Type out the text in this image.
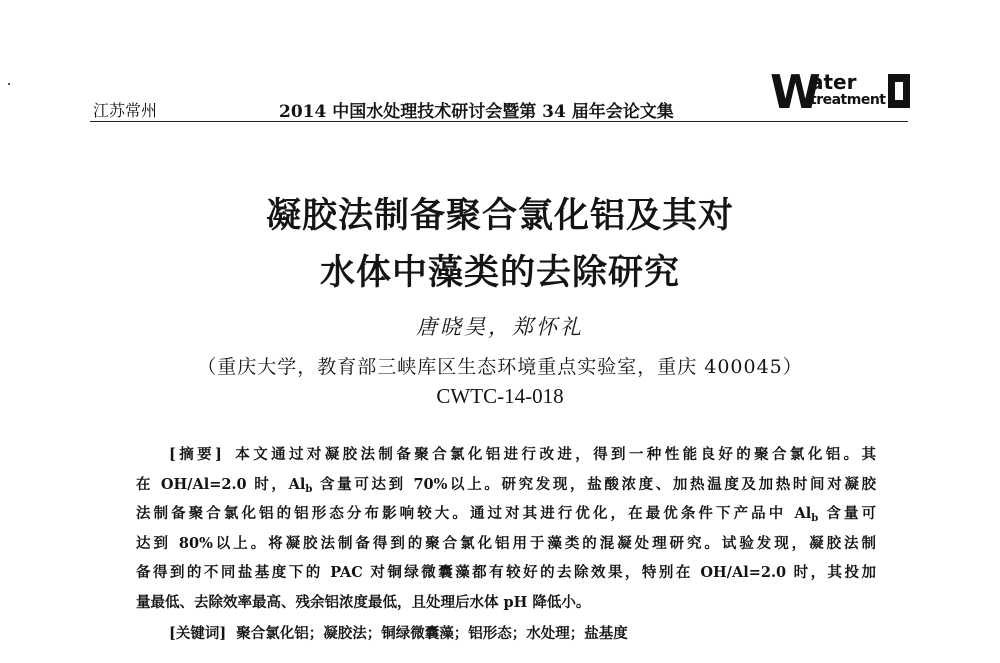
江苏常州	2014 中国水处理技术研讨会暨第 34 届年会论文集 W
ater
treatment
凝胶法制备聚合氯化铝及其对
水体中藻类的去除研究
唐晓昊，郑怀礼
（重庆大学，教育部三峡库区生态环境重点实验室，重庆 400045）
CWTC-14-018
[摘要] 本文通过对凝胶法制备聚合氯化铝进行改进，得到一种性能良好的聚合氯化铝。其
在 OH/Al=2.0 时，$Al_b$ 含量可达到 70%以上。研究发现，盐酸浓度、加热温度及加热时间对凝胶
法制备聚合氯化铝的铝形态分布影响较大。通过对其进行优化，在最优条件下产品中 $Al_b$ 含量可
达到 80%以上。将凝胶法制备得到的聚合氯化铝用于藻类的混凝处理研究。试验发现，凝胶法制
备得到的不同盐基度下的 PAC 对铜绿微囊藻都有较好的去除效果，特别在 OH/Al=2.0 时，其投加
量最低、去除效率最高、残余铝浓度最低，且处理后水体 pH 降低小。
[关键词] 聚合氯化铝；凝胶法；铜绿微囊藻；铝形态；水处理；盐基度
